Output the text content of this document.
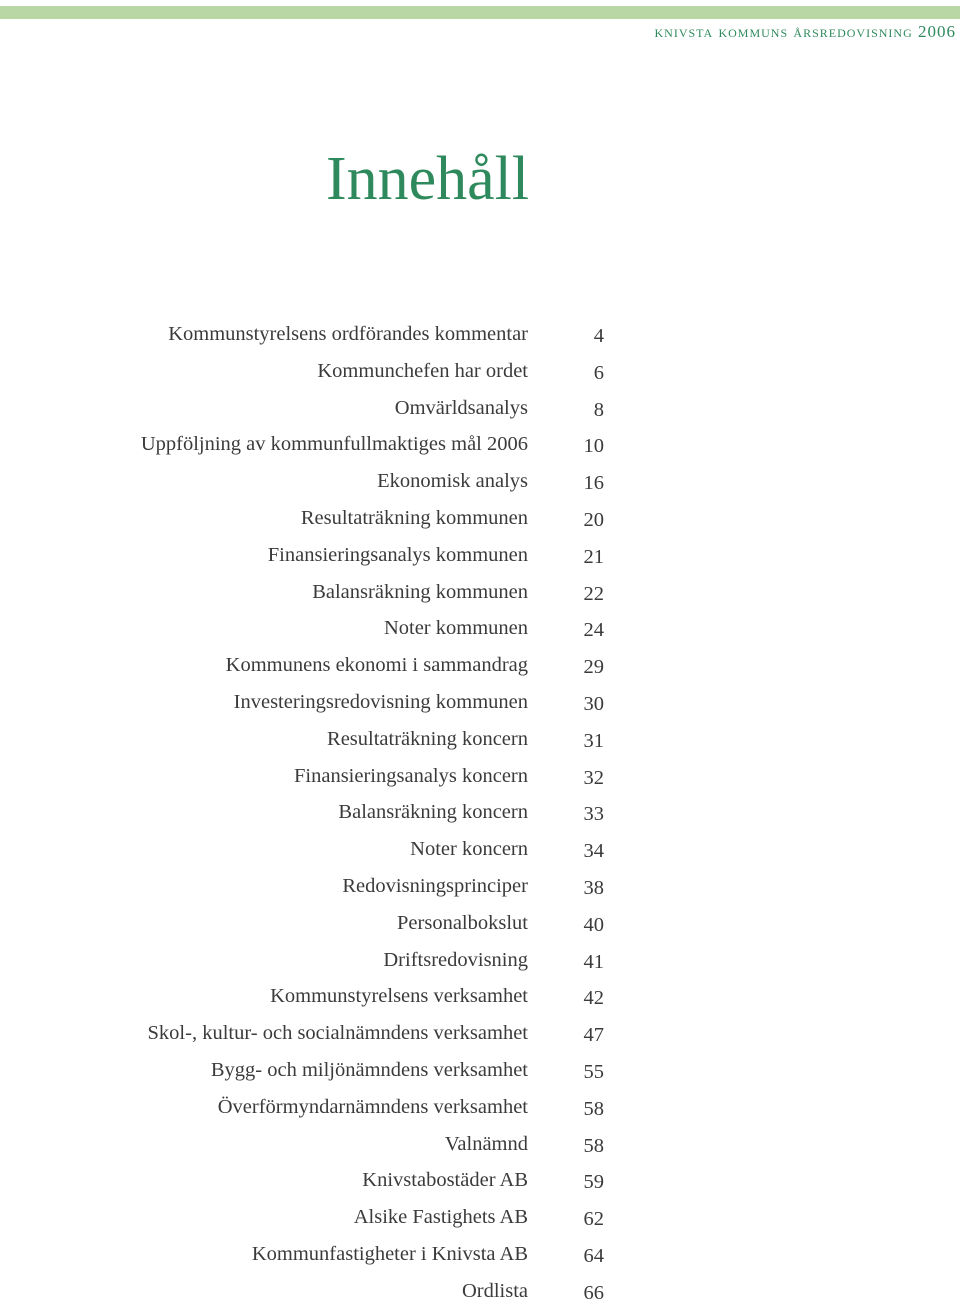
knivsta kommuns årsredovisning 2006
Innehåll
Kommunstyrelsens ordförandes kommentar	4
Kommunchefen har ordet	6
Omvärldsanalys	8
Uppföljning av kommunfullmaktiges mål 2006	10
Ekonomisk analys	16
Resultaträkning kommunen	20
Finansieringsanalys kommunen	21
Balansräkning kommunen	22
Noter kommunen	24
Kommunens ekonomi i sammandrag	29
Investeringsredovisning kommunen	30
Resultaträkning koncern	31
Finansieringsanalys koncern	32
Balansräkning koncern	33
Noter koncern	34
Redovisningsprinciper	38
Personalbokslut	40
Driftsredovisning	41
Kommunstyrelsens verksamhet	42
Skol-, kultur- och socialnämndens verksamhet	47
Bygg- och miljönämndens verksamhet	55
Överförmyndarnämndens verksamhet	58
Valnämnd	58
Knivstabostäder AB	59
Alsike Fastighets AB	62
Kommunfastigheter i Knivsta AB	64
Ordlista	66
